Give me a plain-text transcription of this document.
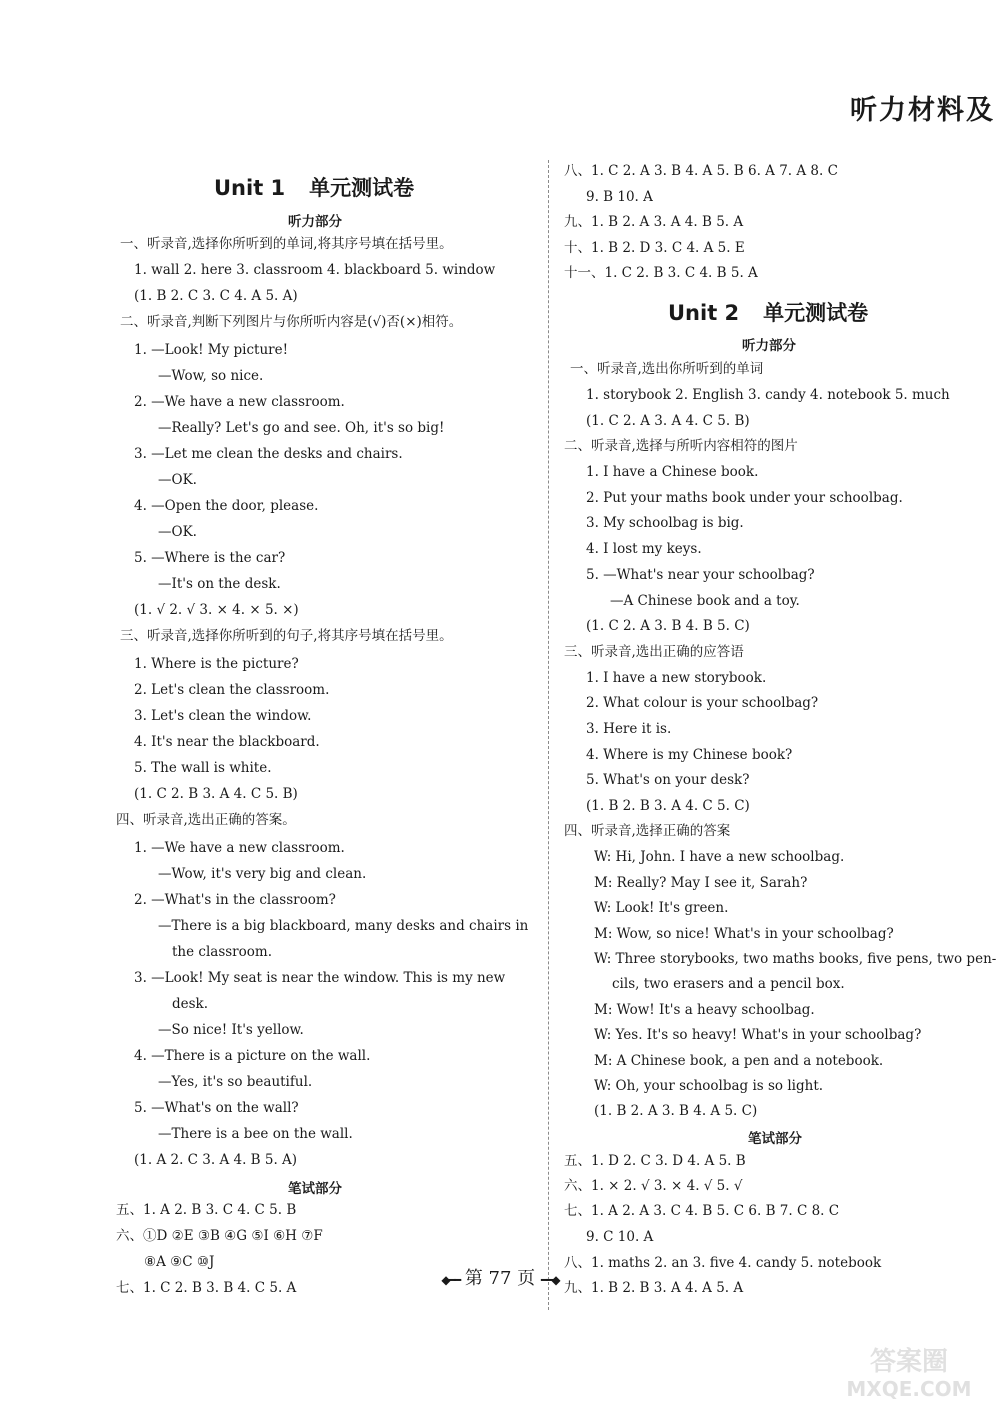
听力材料及
Unit 1 单元测试卷
听力部分
一、听录音,选择你所听到的单词,将其序号填在括号里。
1. wall 2. here 3. classroom 4. blackboard 5. window
(1. B 2. C 3. C 4. A 5. A)
二、听录音,判断下列图片与你所听内容是(√)否(×)相符。
1. —Look! My picture!
—Wow, so nice.
2. —We have a new classroom.
—Really? Let's go and see. Oh, it's so big!
3. —Let me clean the desks and chairs.
—OK.
4. —Open the door, please.
—OK.
5. —Where is the car?
—It's on the desk.
(1. √ 2. √ 3. × 4. × 5. ×)
三、听录音,选择你所听到的句子,将其序号填在括号里。
1. Where is the picture?
2. Let's clean the classroom.
3. Let's clean the window.
4. It's near the blackboard.
5. The wall is white.
(1. C 2. B 3. A 4. C 5. B)
四、听录音,选出正确的答案。
1. —We have a new classroom.
—Wow, it's very big and clean.
2. —What's in the classroom?
—There is a big blackboard, many desks and chairs in
the classroom.
3. —Look! My seat is near the window. This is my new
desk.
—So nice! It's yellow.
4. —There is a picture on the wall.
—Yes, it's so beautiful.
5. —What's on the wall?
—There is a bee on the wall.
(1. A 2. C 3. A 4. B 5. A)
笔试部分
五、1. A 2. B 3. C 4. C 5. B
六、①D ②E ③B ④G ⑤I ⑥H ⑦F
⑧A ⑨C ⑩J
七、1. C 2. B 3. B 4. C 5. A
八、1. C 2. A 3. B 4. A 5. B 6. A 7. A 8. C
9. B 10. A
九、1. B 2. A 3. A 4. B 5. A
十、1. B 2. D 3. C 4. A 5. E
十一、1. C 2. B 3. C 4. B 5. A
Unit 2 单元测试卷
听力部分
一、听录音,选出你所听到的单词
1. storybook 2. English 3. candy 4. notebook 5. much
(1. C 2. A 3. A 4. C 5. B)
二、听录音,选择与所听内容相符的图片
1. I have a Chinese book.
2. Put your maths book under your schoolbag.
3. My schoolbag is big.
4. I lost my keys.
5. —What's near your schoolbag?
—A Chinese book and a toy.
(1. C 2. A 3. B 4. B 5. C)
三、听录音,选出正确的应答语
1. I have a new storybook.
2. What colour is your schoolbag?
3. Here it is.
4. Where is my Chinese book?
5. What's on your desk?
(1. B 2. B 3. A 4. C 5. C)
四、听录音,选择正确的答案
W: Hi, John. I have a new schoolbag.
M: Really? May I see it, Sarah?
W: Look! It's green.
M: Wow, so nice! What's in your schoolbag?
W: Three storybooks, two maths books, five pens, two pen-
cils, two erasers and a pencil box.
M: Wow! It's a heavy schoolbag.
W: Yes. It's so heavy! What's in your schoolbag?
M: A Chinese book, a pen and a notebook.
W: Oh, your schoolbag is so light.
(1. B 2. A 3. B 4. A 5. C)
笔试部分
五、1. D 2. C 3. D 4. A 5. B
六、1. × 2. √ 3. × 4. √ 5. √
七、1. A 2. A 3. C 4. B 5. C 6. B 7. C 8. C
9. C 10. A
八、1. maths 2. an 3. five 4. candy 5. notebook
九、1. B 2. B 3. A 4. A 5. A
◆━━ 第 77 页 ━━◆
答案圈
MXQE.COM
